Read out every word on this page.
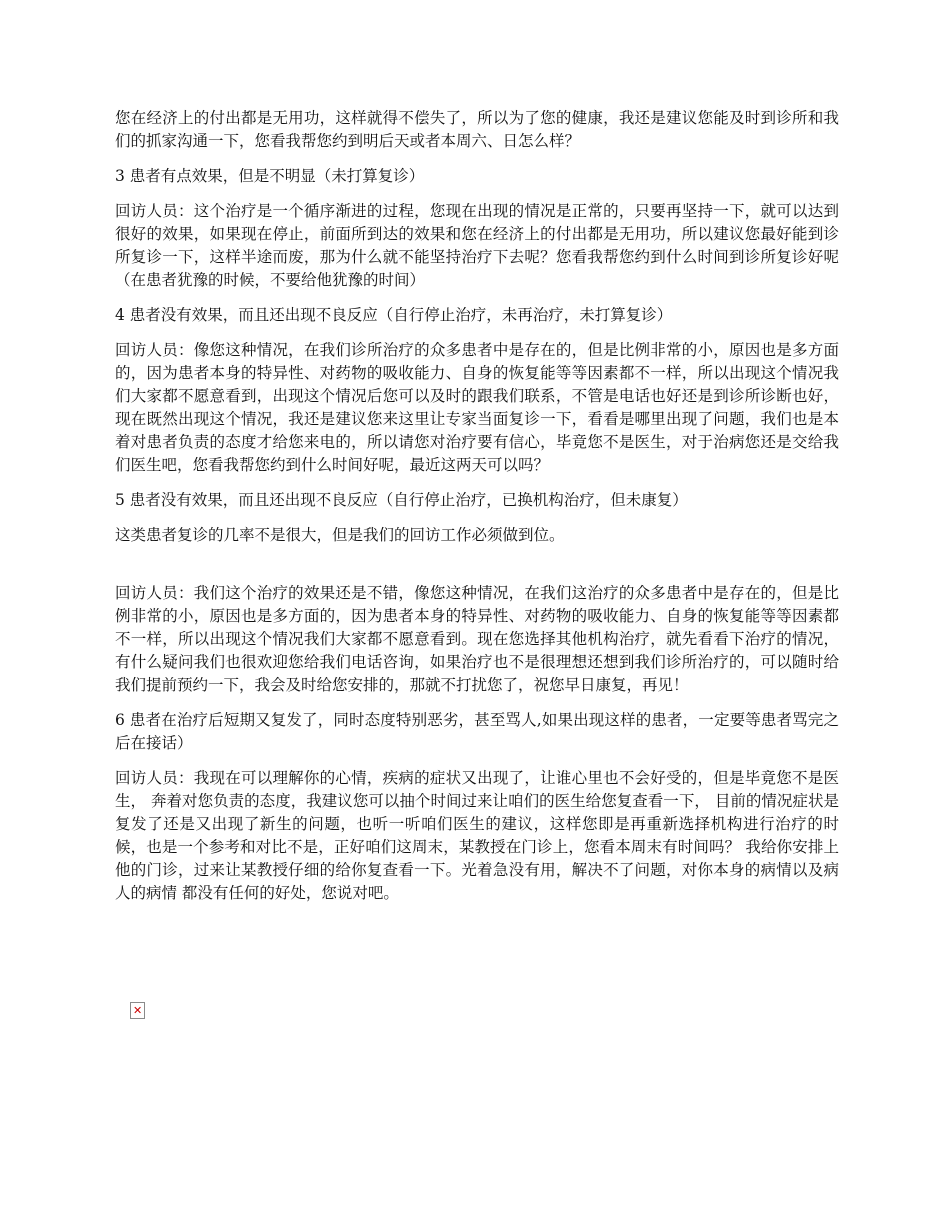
您在经济上的付出都是无用功，这样就得不偿失了，所以为了您的健康，我还是建议您能及时到诊所和我们的抓家沟通一下，您看我帮您约到明后天或者本周六、日怎么样？

3 患者有点效果，但是不明显（未打算复诊）

回访人员：这个治疗是一个循序渐进的过程，您现在出现的情况是正常的，只要再坚持一下，就可以达到很好的效果，如果现在停止，前面所到达的效果和您在经济上的付出都是无用功，所以建议您最好能到诊所复诊一下，这样半途而废，那为什么就不能坚持治疗下去呢？您看我帮您约到什么时间到诊所复诊好呢（在患者犹豫的时候，不要给他犹豫的时间）

4 患者没有效果，而且还出现不良反应（自行停止治疗，未再治疗，未打算复诊）

回访人员：像您这种情况，在我们诊所治疗的众多患者中是存在的，但是比例非常的小，原因也是多方面的，因为患者本身的特异性、对药物的吸收能力、自身的恢复能等等因素都不一样，所以出现这个情况我们大家都不愿意看到，出现这个情况后您可以及时的跟我们联系，不管是电话也好还是到诊所诊断也好，现在既然出现这个情况，我还是建议您来这里让专家当面复诊一下，看看是哪里出现了问题，我们也是本着对患者负责的态度才给您来电的，所以请您对治疗要有信心，毕竟您不是医生，对于治病您还是交给我们医生吧，您看我帮您约到什么时间好呢，最近这两天可以吗？

5 患者没有效果，而且还出现不良反应（自行停止治疗，已换机构治疗，但未康复）

这类患者复诊的几率不是很大，但是我们的回访工作必须做到位。

回访人员：我们这个治疗的效果还是不错，像您这种情况，在我们这治疗的众多患者中是存在的，但是比例非常的小，原因也是多方面的，因为患者本身的特异性、对药物的吸收能力、自身的恢复能等等因素都不一样，所以出现这个情况我们大家都不愿意看到。现在您选择其他机构治疗，就先看看下治疗的情况，有什么疑问我们也很欢迎您给我们电话咨询，如果治疗也不是很理想还想到我们诊所治疗的，可以随时给我们提前预约一下，我会及时给您安排的，那就不打扰您了，祝您早日康复，再见！

6 患者在治疗后短期又复发了，同时态度特别恶劣，甚至骂人,如果出现这样的患者，一定要等患者骂完之后在接话）

回访人员：我现在可以理解你的心情，疾病的症状又出现了，让谁心里也不会好受的，但是毕竟您不是医生， 奔着对您负责的态度，我建议您可以抽个时间过来让咱们的医生给您复查看一下， 目前的情况症状是复发了还是又出现了新生的问题，也听一听咱们医生的建议，这样您即是再重新选择机构进行治疗的时候，也是一个参考和对比不是，正好咱们这周末，某教授在门诊上，您看本周末有时间吗？ 我给你安排上他的门诊，过来让某教授仔细的给你复查看一下。光着急没有用，解决不了问题，对你本身的病情以及病人的病情 都没有任何的好处，您说对吧。

✕
